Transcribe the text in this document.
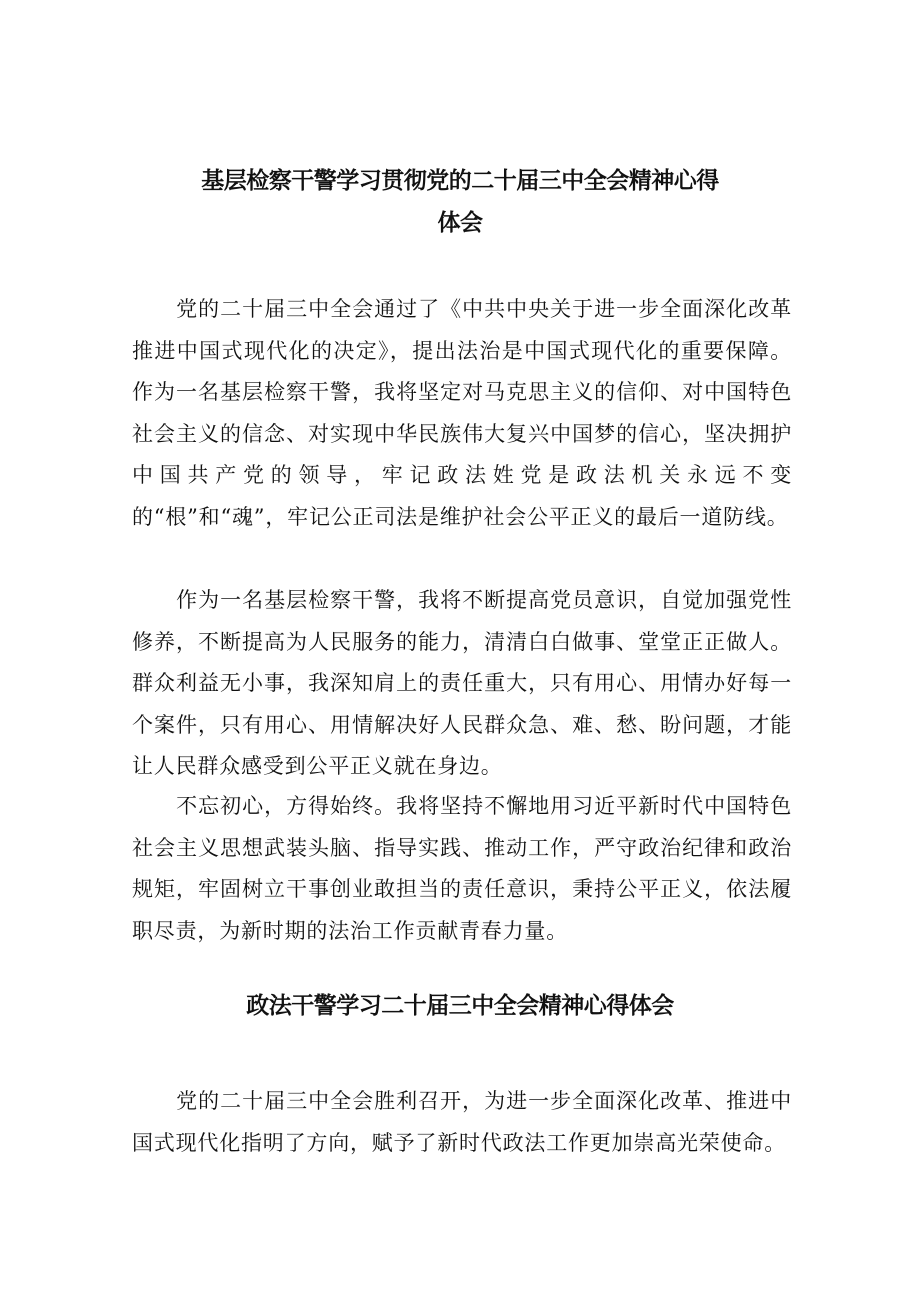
基层检察干警学习贯彻党的二十届三中全会精神心得
体会

党的二十届三中全会通过了《中共中央关于进一步全面深化改革推进中国式现代化的决定》，提出法治是中国式现代化的重要保障。作为一名基层检察干警，我将坚定对马克思主义的信仰、对中国特色社会主义的信念、对实现中华民族伟大复兴中国梦的信心，坚决拥护中国共产党的领导，牢记政法姓党是政法机关永远不变的“根”和“魂”，牢记公正司法是维护社会公平正义的最后一道防线。

作为一名基层检察干警，我将不断提高党员意识，自觉加强党性修养，不断提高为人民服务的能力，清清白白做事、堂堂正正做人。群众利益无小事，我深知肩上的责任重大，只有用心、用情办好每一个案件，只有用心、用情解决好人民群众急、难、愁、盼问题，才能让人民群众感受到公平正义就在身边。

不忘初心，方得始终。我将坚持不懈地用习近平新时代中国特色社会主义思想武装头脑、指导实践、推动工作，严守政治纪律和政治规矩，牢固树立干事创业敢担当的责任意识，秉持公平正义，依法履职尽责，为新时期的法治工作贡献青春力量。

政法干警学习二十届三中全会精神心得体会

党的二十届三中全会胜利召开，为进一步全面深化改革、推进中国式现代化指明了方向，赋予了新时代政法工作更加崇高光荣使命。
